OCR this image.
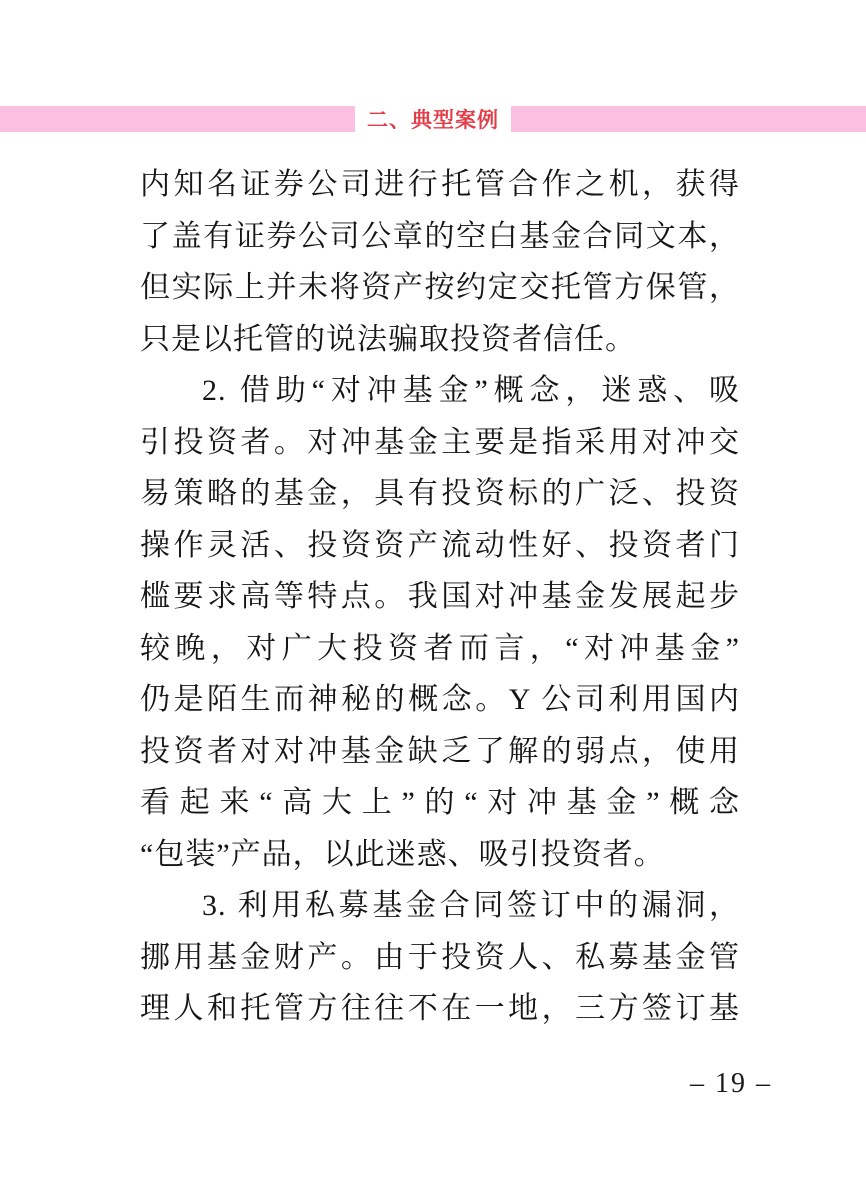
二、典型案例
内知名证券公司进行托管合作之机，获得
了盖有证券公司公章的空白基金合同文本，
但实际上并未将资产按约定交托管方保管，
只是以托管的说法骗取投资者信任。
2. 借助“对冲基金”概念，迷惑、吸
引投资者。对冲基金主要是指采用对冲交
易策略的基金，具有投资标的广泛、投资
操作灵活、投资资产流动性好、投资者门
槛要求高等特点。我国对冲基金发展起步
较晚，对广大投资者而言，“对冲基金”
仍是陌生而神秘的概念。Y 公司利用国内
投资者对对冲基金缺乏了解的弱点，使用
看起来“高大上”的“对冲基金”概念
“包装”产品，以此迷惑、吸引投资者。
3. 利用私募基金合同签订中的漏洞，
挪用基金财产。由于投资人、私募基金管
理人和托管方往往不在一地，三方签订基
– 19 –
